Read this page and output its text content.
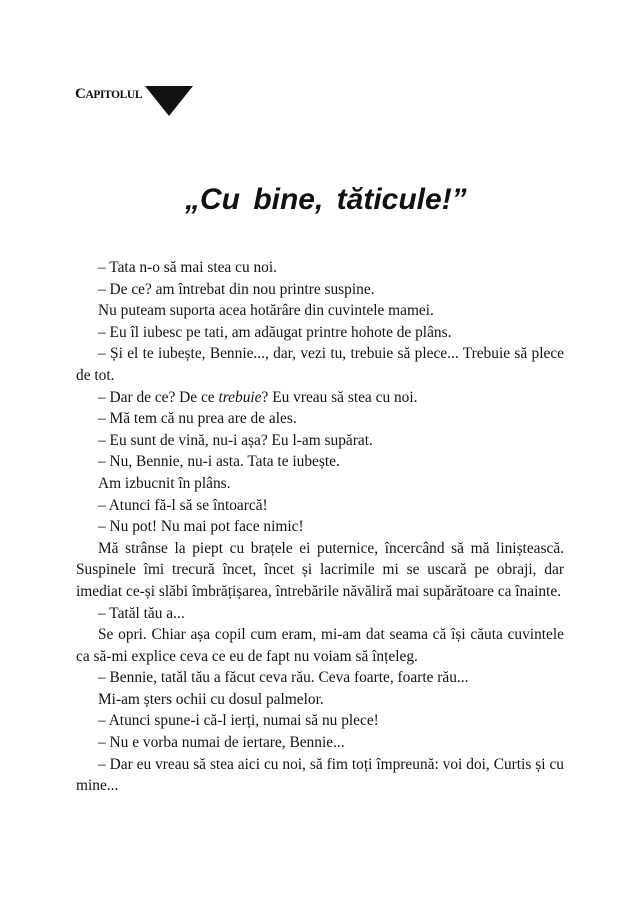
CAPITOLUL 1
„Cu bine, tăticule!”

– Tata n-o să mai stea cu noi.

– De ce? am întrebat din nou printre suspine.

Nu puteam suporta acea hotărâre din cuvintele mamei.

– Eu îl iubesc pe tati, am adăugat printre hohote de plâns.

– Și el te iubește, Bennie..., dar, vezi tu, trebuie să plece... Trebuie să plece de tot.

– Dar de ce? De ce trebuie? Eu vreau să stea cu noi.

– Mă tem că nu prea are de ales.

– Eu sunt de vină, nu-i așa? Eu l-am supărat.

– Nu, Bennie, nu-i asta. Tata te iubește.

Am izbucnit în plâns.

– Atunci fă-l să se întoarcă!

– Nu pot! Nu mai pot face nimic!

Mă strânse la piept cu brațele ei puternice, încercând să mă liniștească. Suspinele îmi trecură încet, încet și lacrimile mi se uscară pe obraji, dar imediat ce-și slăbi îmbrățișarea, întrebările năvăliră mai supărătoare ca înainte.

– Tatăl tău a...

Se opri. Chiar așa copil cum eram, mi-am dat seama că își căuta cuvintele ca să-mi explice ceva ce eu de fapt nu voiam să înțeleg.

– Bennie, tatăl tău a făcut ceva rău. Ceva foarte, foarte rău...

Mi-am șters ochii cu dosul palmelor.

– Atunci spune-i că-l ierți, numai să nu plece!

– Nu e vorba numai de iertare, Bennie...

– Dar eu vreau să stea aici cu noi, să fim toți împreună: voi doi, Curtis și cu mine...
